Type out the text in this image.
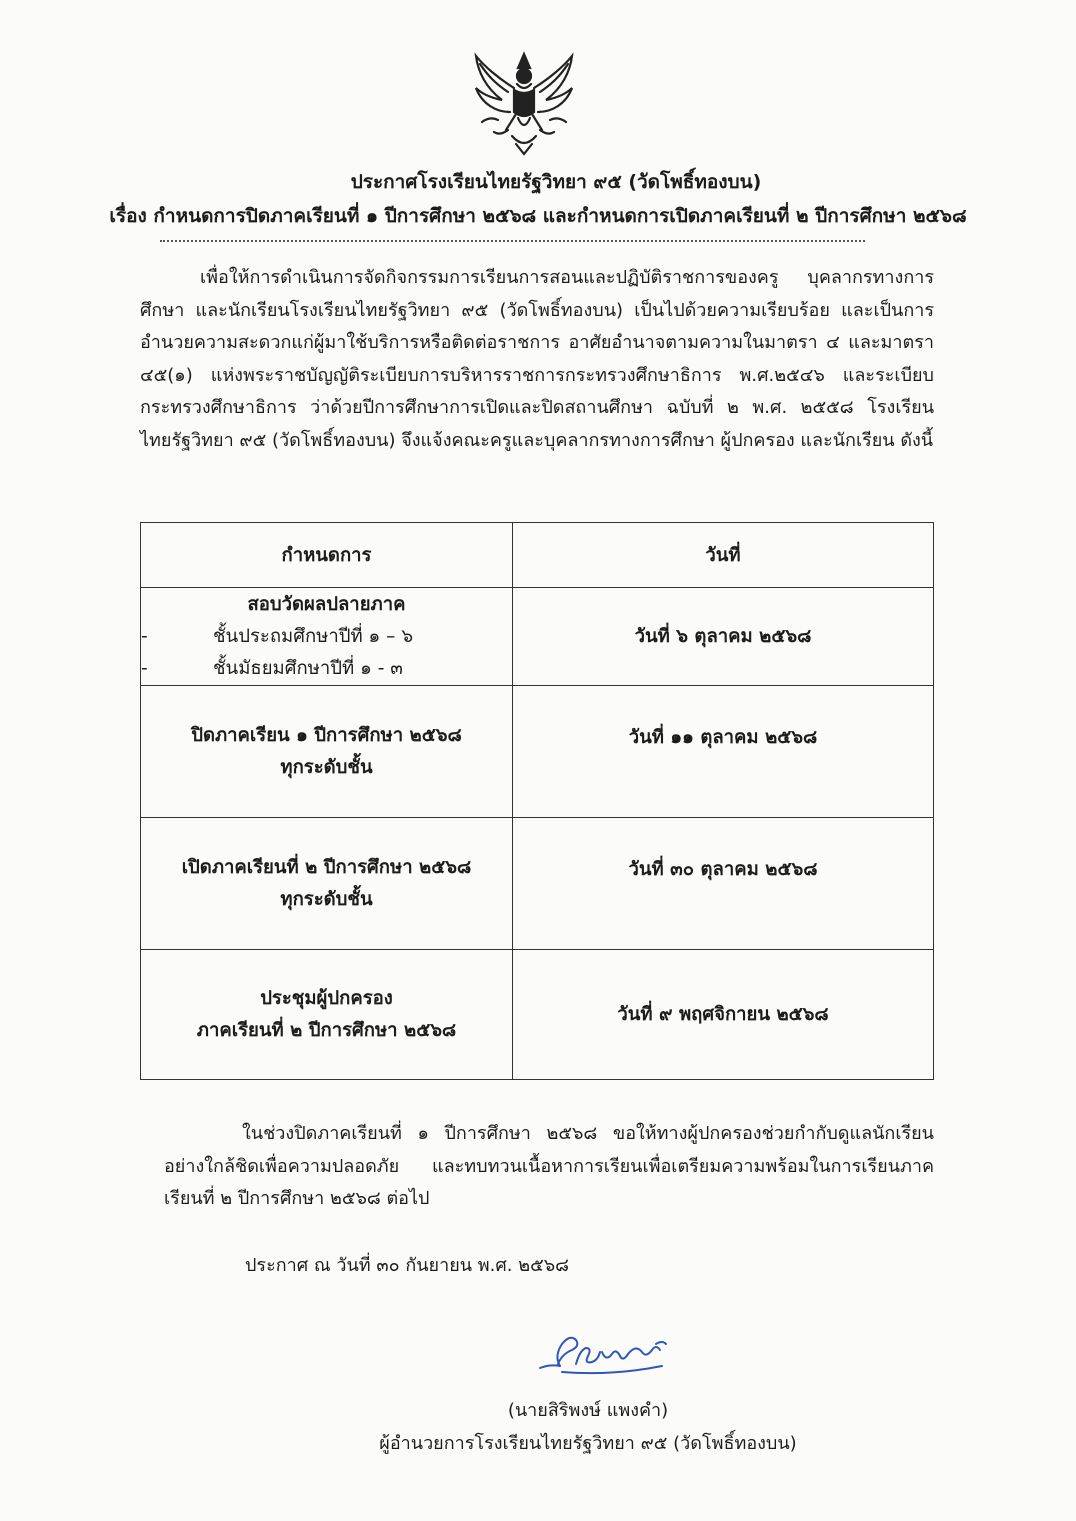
ประกาศโรงเรียนไทยรัฐวิทยา ๙๕ (วัดโพธิ์ทองบน)
เรื่อง กำหนดการปิดภาคเรียนที่ ๑ ปีการศึกษา ๒๕๖๘ และกำหนดการเปิดภาคเรียนที่ ๒ ปีการศึกษา ๒๕๖๘
เพื่อให้การดำเนินการจัดกิจกรรมการเรียนการสอนและปฏิบัติราชการของครู บุคลากรทางการศึกษา และนักเรียนโรงเรียนไทยรัฐวิทยา ๙๕ (วัดโพธิ์ทองบน) เป็นไปด้วยความเรียบร้อย และเป็นการอำนวยความสะดวกแก่ผู้มาใช้บริการหรือติดต่อราชการ อาศัยอำนาจตามความในมาตรา ๔ และมาตรา ๔๕(๑) แห่งพระราชบัญญัติระเบียบการบริหารราชการกระทรวงศึกษาธิการ พ.ศ.๒๕๔๖ และระเบียบกระทรวงศึกษาธิการ ว่าด้วยปีการศึกษาการเปิดและปิดสถานศึกษา ฉบับที่ ๒ พ.ศ. ๒๕๕๘ โรงเรียนไทยรัฐวิทยา ๙๕ (วัดโพธิ์ทองบน) จึงแจ้งคณะครูและบุคลากรทางการศึกษา ผู้ปกครอง และนักเรียน ดังนี้
กำหนดการ	วันที่

สอบวัดผลปลายภาค
- ชั้นประถมศึกษาปีที่ ๑ – ๖
- ชั้นมัธยมศึกษาปีที่ ๑ - ๓	วันที่ ๖ ตุลาคม ๒๕๖๘

ปิดภาคเรียน ๑ ปีการศึกษา ๒๕๖๘
ทุกระดับชั้น	วันที่ ๑๑ ตุลาคม ๒๕๖๘

เปิดภาคเรียนที่ ๒ ปีการศึกษา ๒๕๖๘
ทุกระดับชั้น	วันที่ ๓๐ ตุลาคม ๒๕๖๘

ประชุมผู้ปกครอง
ภาคเรียนที่ ๒ ปีการศึกษา ๒๕๖๘	วันที่ ๙ พฤศจิกายน ๒๕๖๘
ในช่วงปิดภาคเรียนที่ ๑ ปีการศึกษา ๒๕๖๘ ขอให้ทางผู้ปกครองช่วยกำกับดูแลนักเรียนอย่างใกล้ชิดเพื่อความปลอดภัย และทบทวนเนื้อหาการเรียนเพื่อเตรียมความพร้อมในการเรียนภาคเรียนที่ ๒ ปีการศึกษา ๒๕๖๘ ต่อไป
ประกาศ ณ วันที่ ๓๐ กันยายน พ.ศ. ๒๕๖๘
(นายสิริพงษ์ แพงคำ)
ผู้อำนวยการโรงเรียนไทยรัฐวิทยา ๙๕ (วัดโพธิ์ทองบน)
